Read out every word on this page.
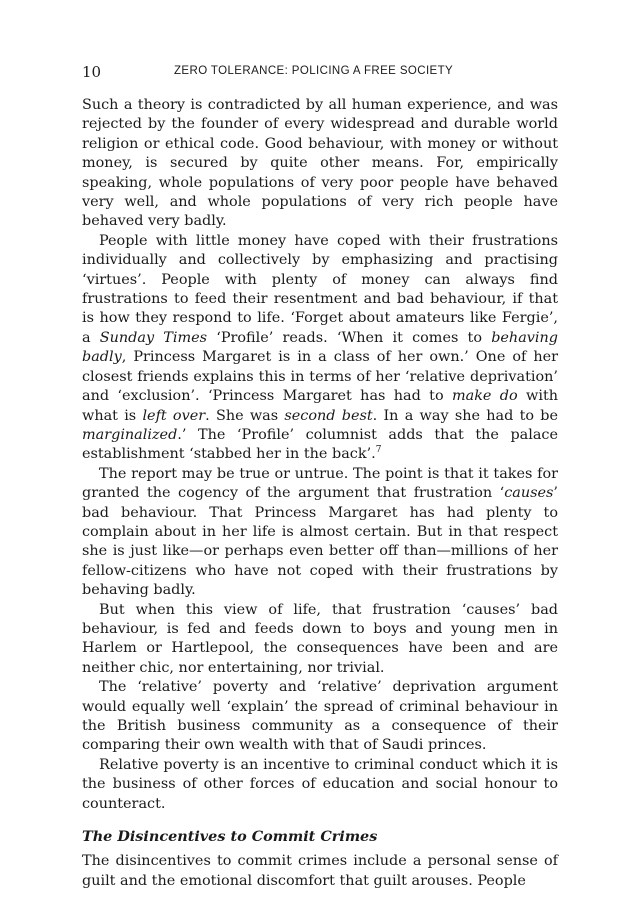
10	ZERO TOLERANCE: POLICING A FREE SOCIETY

Such a theory is contradicted by all human experience, and was rejected by the founder of every widespread and durable world religion or ethical code. Good behaviour, with money or without money, is secured by quite other means. For, empirically speaking, whole populations of very poor people have behaved very well, and whole populations of very rich people have behaved very badly.

People with little money have coped with their frustrations individually and collectively by emphasizing and practising ‘virtues’. People with plenty of money can always find frustrations to feed their resentment and bad behaviour, if that is how they respond to life. ‘Forget about amateurs like Fergie’, a Sunday Times ‘Profile’ reads. ‘When it comes to behaving badly, Princess Margaret is in a class of her own.’ One of her closest friends explains this in terms of her ‘relative deprivation’ and ‘exclusion’. ‘Princess Margaret has had to make do with what is left over. She was second best. In a way she had to be marginalized.’ The ‘Profile’ columnist adds that the palace establishment ‘stabbed her in the back’.$^7$

The report may be true or untrue. The point is that it takes for granted the cogency of the argument that frustration ‘causes’ bad behaviour. That Princess Margaret has had plenty to complain about in her life is almost certain. But in that respect she is just like—or perhaps even better off than—millions of her fellow-citizens who have not coped with their frustrations by behaving badly.

But when this view of life, that frustration ‘causes’ bad behaviour, is fed and feeds down to boys and young men in Harlem or Hartlepool, the consequences have been and are neither chic, nor entertaining, nor trivial.

The ‘relative’ poverty and ‘relative’ deprivation argument would equally well ‘explain’ the spread of criminal behaviour in the British business community as a consequence of their comparing their own wealth with that of Saudi princes.

Relative poverty is an incentive to criminal conduct which it is the business of other forces of education and social honour to counteract.

The Disincentives to Commit Crimes

The disincentives to commit crimes include a personal sense of guilt and the emotional discomfort that guilt arouses. People
